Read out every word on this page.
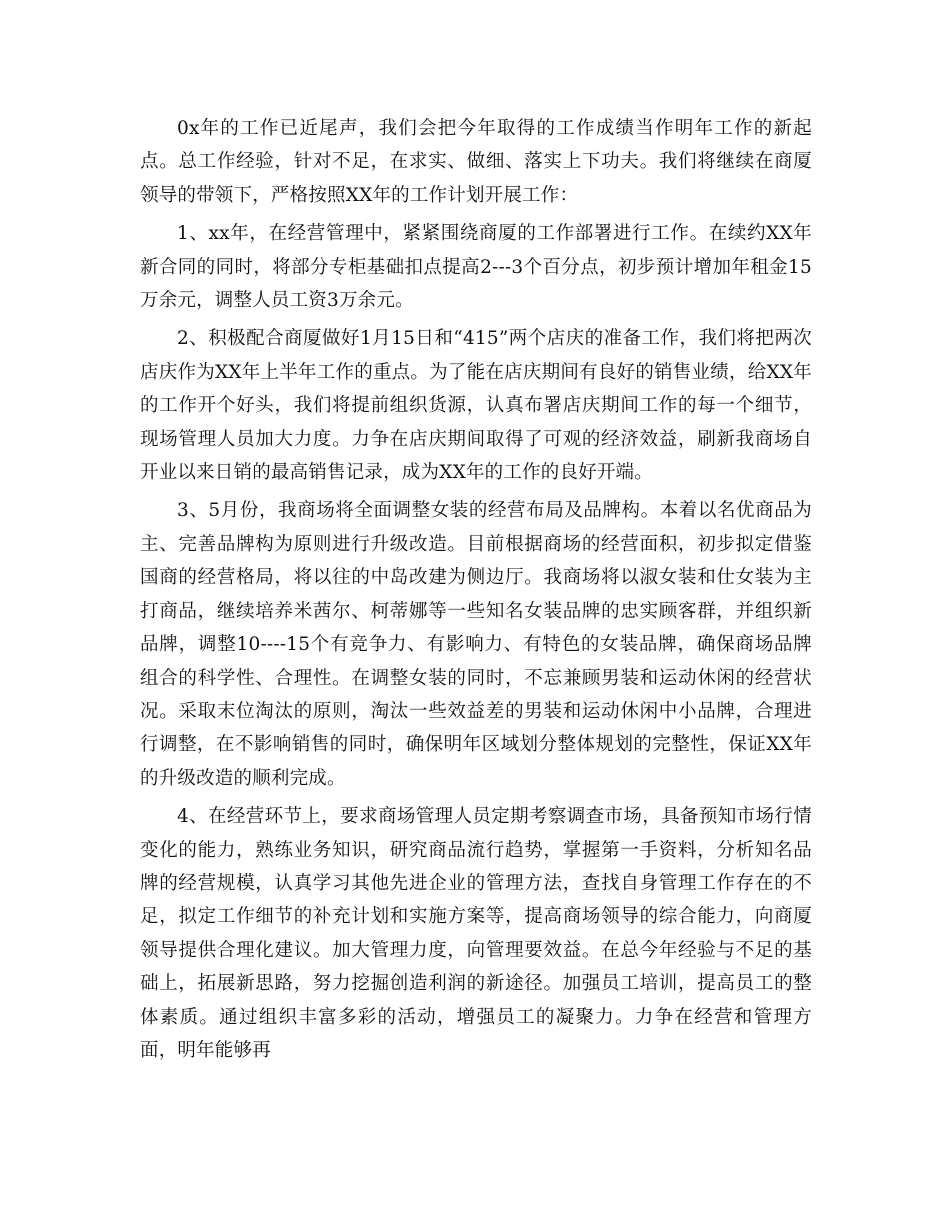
0x年的工作已近尾声，我们会把今年取得的工作成绩当作明年工作的新起点。总工作经验，针对不足，在求实、做细、落实上下功夫。我们将继续在商厦领导的带领下，严格按照XX年的工作计划开展工作：

1、xx年，在经营管理中，紧紧围绕商厦的工作部署进行工作。在续约XX年新合同的同时，将部分专柜基础扣点提高2---3个百分点，初步预计增加年租金15万余元，调整人员工资3万余元。

2、积极配合商厦做好1月15日和“415”两个店庆的准备工作，我们将把两次店庆作为XX年上半年工作的重点。为了能在店庆期间有良好的销售业绩，给XX年的工作开个好头，我们将提前组织货源，认真布署店庆期间工作的每一个细节，现场管理人员加大力度。力争在店庆期间取得了可观的经济效益，刷新我商场自开业以来日销的最高销售记录，成为XX年的工作的良好开端。

3、5月份，我商场将全面调整女装的经营布局及品牌构。本着以名优商品为主、完善品牌构为原则进行升级改造。目前根据商场的经营面积，初步拟定借鉴国商的经营格局，将以往的中岛改建为侧边厅。我商场将以淑女装和仕女装为主打商品，继续培养米茜尔、柯蒂娜等一些知名女装品牌的忠实顾客群，并组织新品牌，调整10----15个有竞争力、有影响力、有特色的女装品牌，确保商场品牌组合的科学性、合理性。在调整女装的同时，不忘兼顾男装和运动休闲的经营状况。采取末位淘汰的原则，淘汰一些效益差的男装和运动休闲中小品牌，合理进行调整，在不影响销售的同时，确保明年区域划分整体规划的完整性，保证XX年的升级改造的顺利完成。

4、在经营环节上，要求商场管理人员定期考察调查市场，具备预知市场行情变化的能力，熟练业务知识，研究商品流行趋势，掌握第一手资料，分析知名品牌的经营规模，认真学习其他先进企业的管理方法，查找自身管理工作存在的不足，拟定工作细节的补充计划和实施方案等，提高商场领导的综合能力，向商厦领导提供合理化建议。加大管理力度，向管理要效益。在总今年经验与不足的基础上，拓展新思路，努力挖掘创造利润的新途径。加强员工培训，提高员工的整体素质。通过组织丰富多彩的活动，增强员工的凝聚力。力争在经营和管理方面，明年能够再
